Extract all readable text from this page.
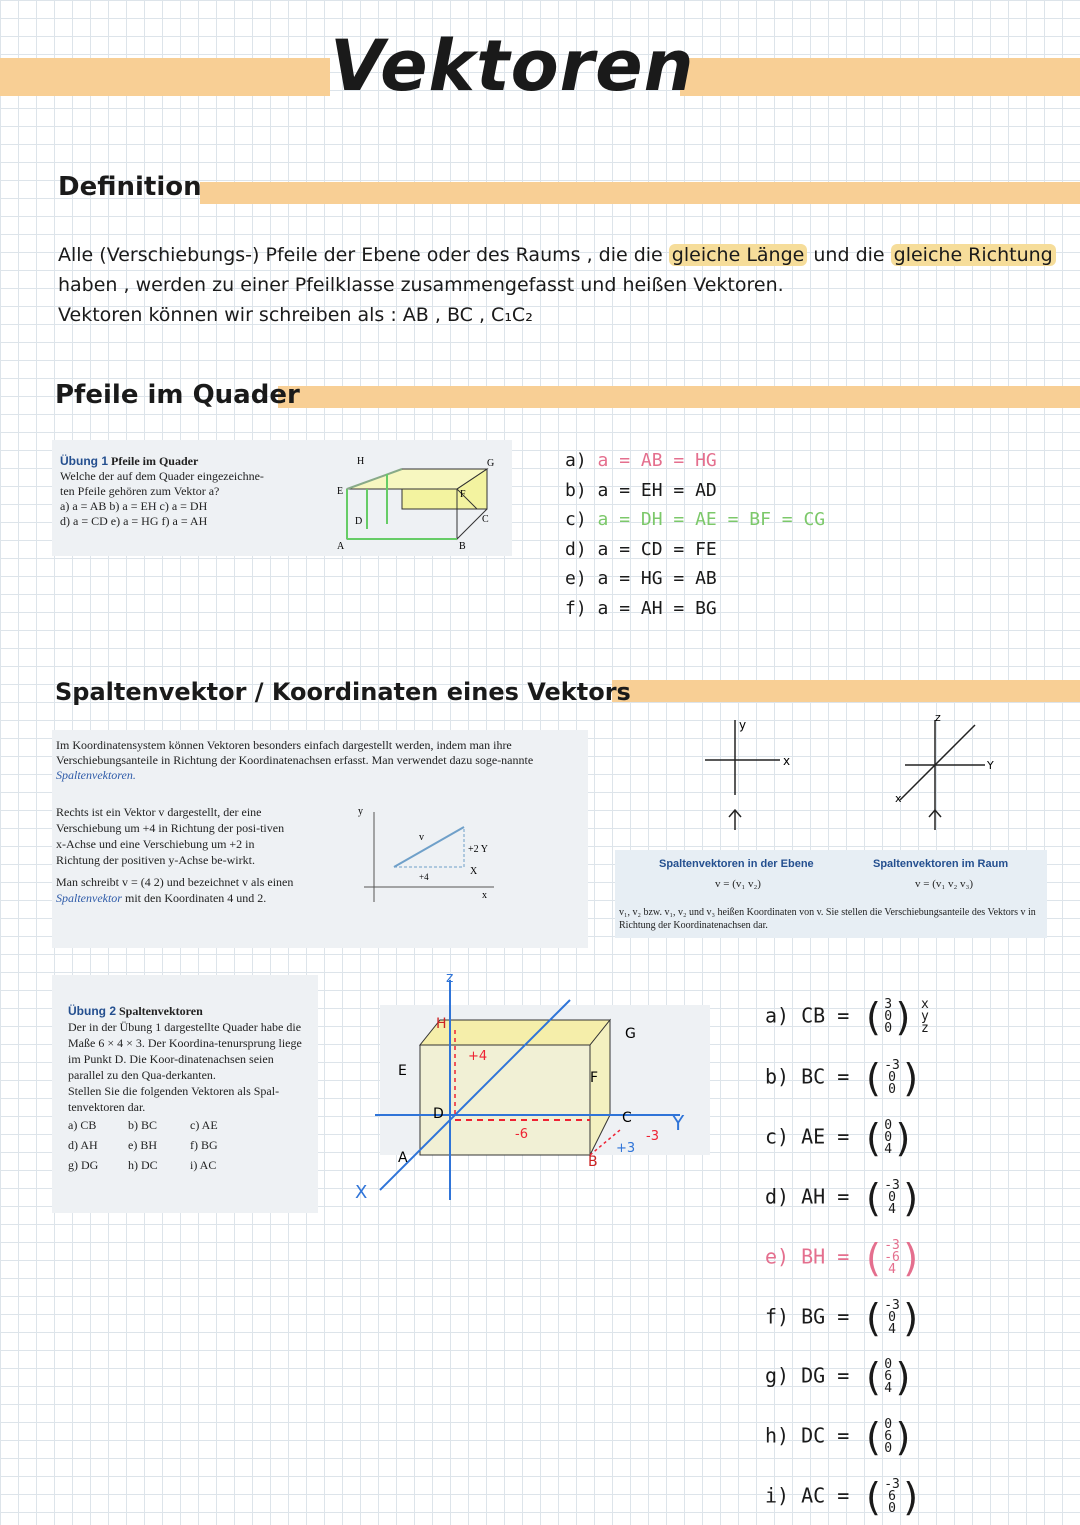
Vektoren
Definition
Alle (Verschiebungs-) Pfeile der Ebene oder des Raums , die die gleiche Länge und die gleiche Richtung
haben , werden zu einer Pfeilklasse zusammengefasst und heißen Vektoren.
Vektoren können wir schreiben als : AB , BC , C₁C₂
Pfeile im Quader
Übung 1 Pfeile im Quader
Welche der auf dem Quader eingezeichne-
ten Pfeile gehören zum Vektor a?
a) a = AB b) a = EH c) a = DH
d) a = CD e) a = HG f) a = AH
H	G
E	F
D	C
A	B
a) a = AB = HG
b) a = EH = AD
c) a = DH = AE = BF = CG
d) a = CD = FE
e) a = HG = AB
f) a = AH = BG
Spaltenvektor / Koordinaten eines Vektors
Im Koordinatensystem können Vektoren besonders einfach dargestellt werden, indem man ihre Verschiebungsanteile in Richtung der Koordinatenachsen erfasst. Man verwendet dazu soge-nannte Spaltenvektoren.
Rechts ist ein Vektor v dargestellt, der eine Verschiebung um +4 in Richtung der posi-tiven x-Achse und eine Verschiebung um +2 in Richtung der positiven y-Achse be-wirkt.
Man schreibt v = (4 2) und bezeichnet v als einen Spaltenvektor mit den Koordinaten 4 und 2.
y
x
v
+4
+2 Y
X
x
y
z
Y
x
Spaltenvektoren in der Ebene	Spaltenvektoren im Raum
v = (v₁ v₂)	v = (v₁ v₂ v₃)
v₁, v₂ bzw. v₁, v₂ und v₃ heißen Koordinaten von v. Sie stellen die Verschiebungsanteile des Vektors v in Richtung der Koordinatenachsen dar.
Übung 2 Spaltenvektoren
Der in der Übung 1 dargestellte Quader habe die Maße 6 × 4 × 3. Der Koordina-tenursprung liege im Punkt D. Die Koor-dinatenachsen seien parallel zu den Qua-derkanten.
Stellen Sie die folgenden Vektoren als Spal-tenvektoren dar.
a) CB	b) BC	c) AE
d) AH	e) BH	f) BG
g) DG	h) DC	i) AC
z
H
G
E	F
D	C
A	B
X
Y
+4
-6	-3
+3
a) CB = ( 3
0
0 ) x
y
z
b) BC = ( -3
0
0 )
c) AE = ( 0
0
4 )
d) AH = ( -3
0
4 )
e) BH = ( -3
-6
4 )
f) BG = ( -3
0
4 )
g) DG = ( 0
6
4 )
h) DC = ( 0
6
0 )
i) AC = ( -3
6
0 )
